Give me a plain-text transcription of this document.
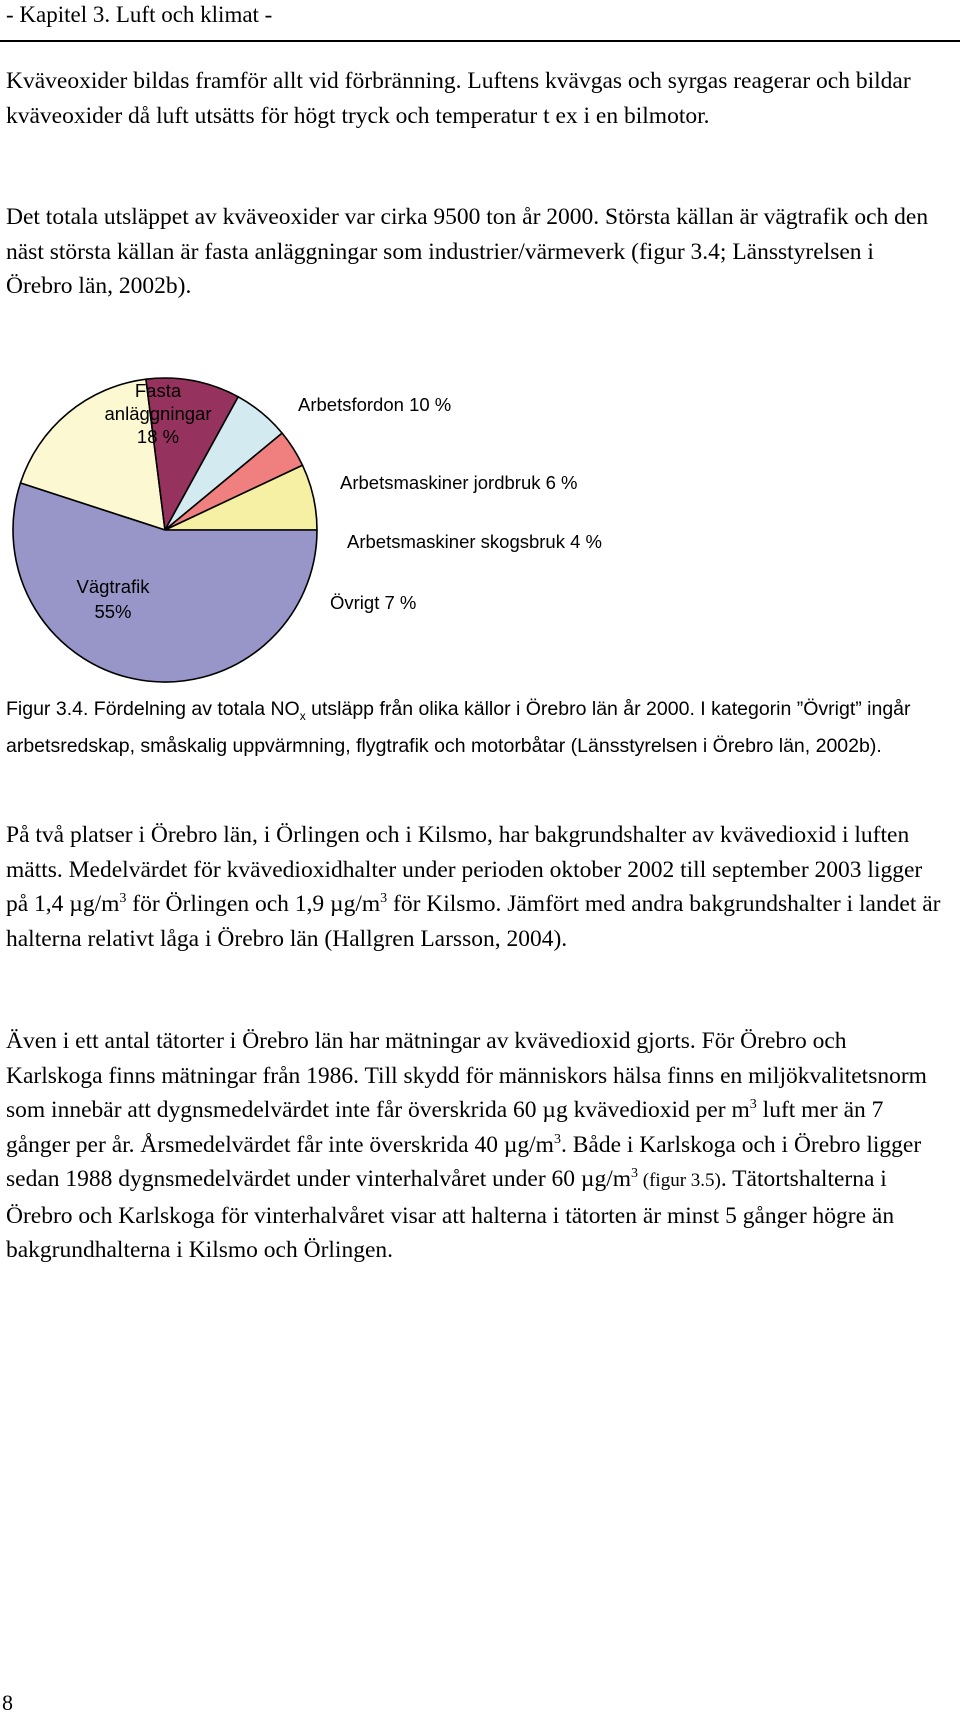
- Kapitel 3. Luft och klimat -

Kväveoxider bildas framför allt vid förbränning. Luftens kvävgas och syrgas reagerar och bildar kväveoxider då luft utsätts för högt tryck och temperatur t ex i en bilmotor.

Det totala utsläppet av kväveoxider var cirka 9500 ton år 2000. Största källan är vägtrafik och den näst största källan är fasta anläggningar som industrier/värmeverk (figur 3.4; Länsstyrelsen i Örebro län, 2002b).

Fasta anläggningar 18 %
Arbetsfordon 10 %
Arbetsmaskiner jordbruk 6 %
Arbetsmaskiner skogsbruk 4 %
Övrigt 7 %
Vägtrafik 55%

Figur 3.4. Fördelning av totala $NO_x$ utsläpp från olika källor i Örebro län år 2000. I kategorin ”Övrigt” ingår arbetsredskap, småskalig uppvärmning, flygtrafik och motorbåtar (Länsstyrelsen i Örebro län, 2002b).

På två platser i Örebro län, i Örlingen och i Kilsmo, har bakgrundshalter av kvävedioxid i luften mätts. Medelvärdet för kvävedioxidhalter under perioden oktober 2002 till september 2003 ligger på 1,4 $\mu g/m^3$ för Örlingen och 1,9 $\mu g/m^3$ för Kilsmo. Jämfört med andra bakgrundshalter i landet är halterna relativt låga i Örebro län (Hallgren Larsson, 2004).

Även i ett antal tätorter i Örebro län har mätningar av kvävedioxid gjorts. För Örebro och Karlskoga finns mätningar från 1986. Till skydd för människors hälsa finns en miljökvalitetsnorm som innebär att dygnsmedelvärdet inte får överskrida 60 µg kvävedioxid per $m^3$ luft mer än 7 gånger per år. Årsmedelvärdet får inte överskrida 40 $\mu g/m^3$. Både i Karlskoga och i Örebro ligger sedan 1988 dygnsmedelvärdet under vinterhalvåret under 60 $\mu g/m^3$ (figur 3.5). Tätortshalterna i Örebro och Karlskoga för vinterhalvåret visar att halterna i tätorten är minst 5 gånger högre än bakgrundhalterna i Kilsmo och Örlingen.

8
